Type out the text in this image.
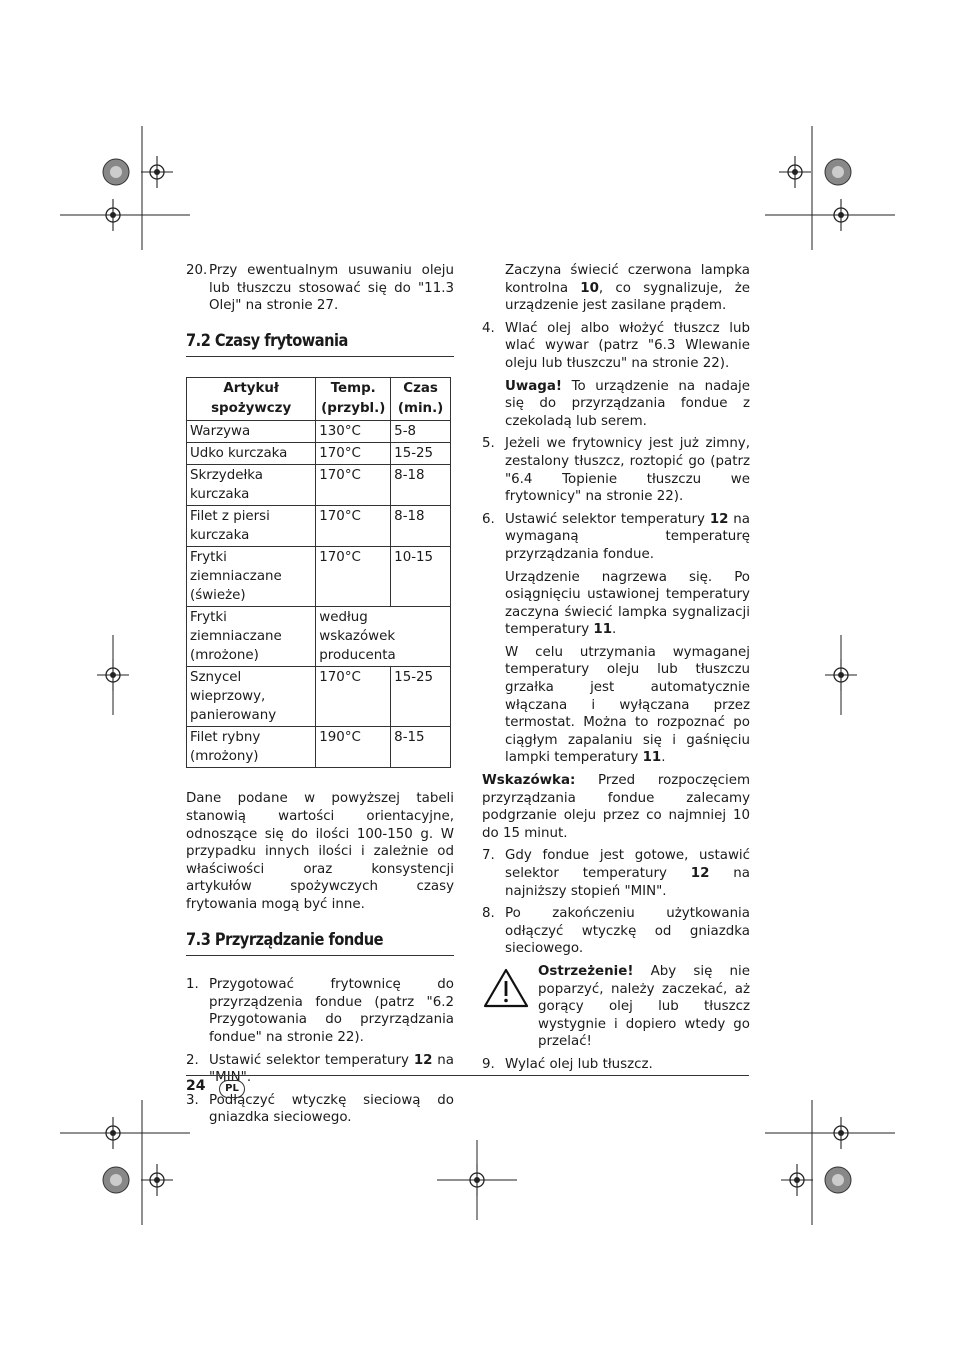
20. Przy ewentualnym usuwaniu oleju lub tłuszczu stosować się do "11.3 Olej" na stronie 27.
7.2 Czasy frytowania
Artykuł spożywczy	Temp. (przybl.)	Czas (min.)
Warzywa	130°C	5-8
Udko kurczaka	170°C	15-25
Skrzydełka kurczaka	170°C	8-18
Filet z piersi kurczaka	170°C	8-18
Frytki ziemniaczane (świeże)	170°C	10-15
Frytki ziemniaczane (mrożone)	według wskazówek producenta	
Sznycel wieprzowy, panierowany	170°C	15-25
Filet rybny (mrożony)	190°C	8-15

Dane podane w powyższej tabeli stanowią wartości orientacyjne, odnoszące się do ilości 100-150 g. W przypadku innych ilości i zależnie od właściwości oraz konsystencji artykułów spożywczych czasy frytowania mogą być inne.

7.3 Przyrządzanie fondue
1. Przygotować frytownicę do przyrządzenia fondue (patrz "6.2 Przygotowania do przyrządzania fondue" na stronie 22).
2. Ustawić selektor temperatury 12 na "MIN".
3. Podłączyć wtyczkę sieciową do gniazdka sieciowego.

Zaczyna świecić czerwona lampka kontrolna 10, co sygnalizuje, że urządzenie jest zasilane prądem.

4. Wlać olej albo włożyć tłuszcz lub wlać wywar (patrz "6.3 Wlewanie oleju lub tłuszczu" na stronie 22).

Uwaga! To urządzenie na nadaje się do przyrządzania fondue z czekoladą lub serem.

5. Jeżeli we frytownicy jest już zimny, zestalony tłuszcz, roztopić go (patrz "6.4 Topienie tłuszczu we frytownicy" na stronie 22).
6. Ustawić selektor temperatury 12 na wymaganą temperaturę przyrządzania fondue.

Urządzenie nagrzewa się. Po osiągnięciu ustawionej temperatury zaczyna świecić lampka sygnalizacji temperatury 11.

W celu utrzymania wymaganej temperatury oleju lub tłuszczu grzałka jest automatycznie włączana i wyłączana przez termostat. Można to rozpoznać po ciągłym zapalaniu się i gaśnięciu lampki temperatury 11.

Wskazówka: Przed rozpoczęciem przyrządzania fondue zalecamy podgrzanie oleju przez co najmniej 10 do 15 minut.

7. Gdy fondue jest gotowe, ustawić selektor temperatury 12 na najniższy stopień "MIN".
8. Po zakończeniu użytkowania odłączyć wtyczkę od gniazdka sieciowego.

Ostrzeżenie! Aby się nie poparzyć, należy zaczekać, aż gorący olej lub tłuszcz wystygnie i dopiero wtedy go przelać!

9. Wylać olej lub tłuszcz.
24	PL
